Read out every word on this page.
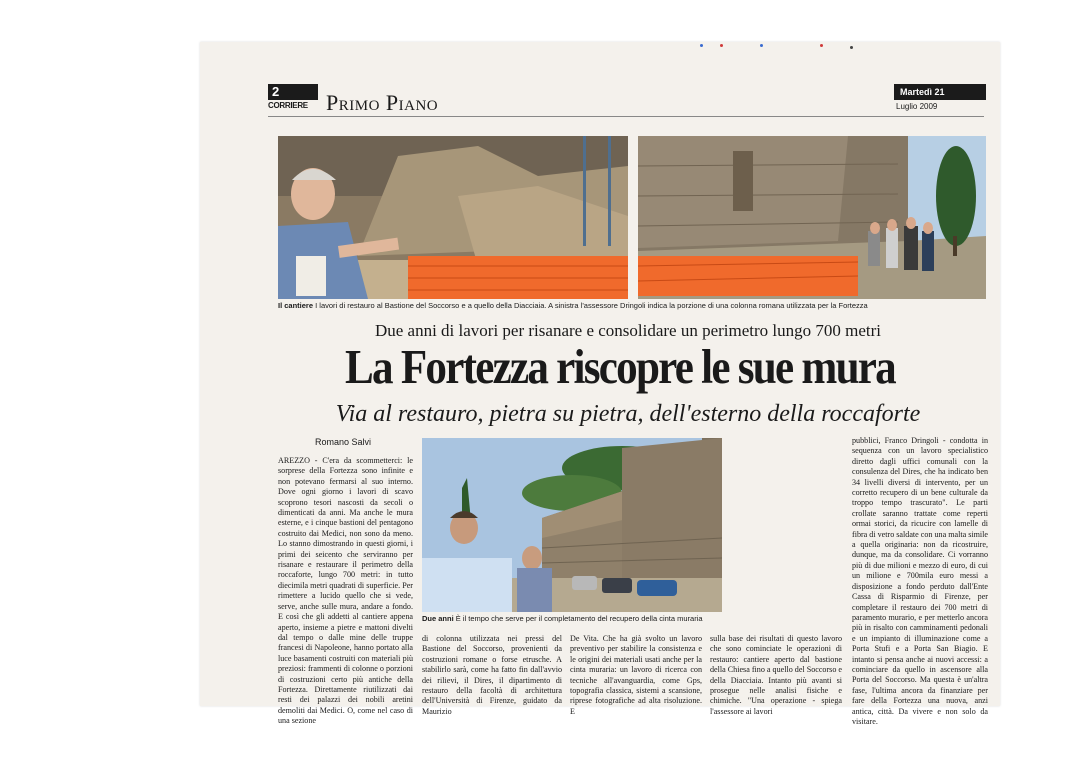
2
CORRIERE Primo Piano	Martedì 21
Luglio 2009
Il cantiere I lavori di restauro al Bastione del Soccorso e a quello della Diacciaia. A sinistra l'assessore Dringoli indica la porzione di una colonna romana utilizzata per la Fortezza
Due anni di lavori per risanare e consolidare un perimetro lungo 700 metri
La Fortezza riscopre le sue mura
Via al restauro, pietra su pietra, dell'esterno della roccaforte
Romano Salvi
Due anni È il tempo che serve per il completamento del recupero della cinta muraria
AREZZO - C'era da scommetterci: le sorprese della Fortezza sono infinite e non potevano fermarsi al suo interno. Dove ogni giorno i lavori di scavo scoprono tesori nascosti da secoli o dimenticati da anni. Ma anche le mura esterne, e i cinque bastioni del pentagono costruito dai Medici, non sono da meno. Lo stanno dimostrando in questi giorni, i primi dei seicento che serviranno per risanare e restaurare il perimetro della roccaforte, lungo 700 metri: in tutto diecimila metri quadrati di superficie. Per rimettere a lucido quello che si vede, serve, anche sulle mura, andare a fondo. E così che gli addetti al cantiere appena aperto, insieme a pietre e mattoni divelti dal tempo o dalle mine delle truppe francesi di Napoleone, hanno portato alla luce basamenti costruiti con materiali più preziosi: frammenti di colonne o porzioni di costruzioni certo più antiche della Fortezza. Direttamente riutilizzati dai resti dei palazzi dei nobili aretini demoliti dai Medici. O, come nel caso di una sezione
di colonna utilizzata nei pressi del Bastione del Soccorso, provenienti da costruzioni romane o forse etrusche. A stabilirlo sarà, come ha fatto fin dall'avvio dei rilievi, il Dires, il dipartimento di restauro della facoltà di architettura dell'Università di Firenze, guidato da Maurizio
De Vita. Che ha già svolto un lavoro preventivo per stabilire la consistenza e le origini dei materiali usati anche per la cinta muraria: un lavoro di ricerca con tecniche all'avanguardia, come Gps, topografia classica, sistemi a scansione, riprese fotografiche ad alta risoluzione. E
sulla base dei risultati di questo lavoro che sono cominciate le operazioni di restauro: cantiere aperto dal bastione della Chiesa fino a quello del Soccorso e della Diacciaia. Intanto più avanti si prosegue nelle analisi fisiche e chimiche. "Una operazione - spiega l'assessore ai lavori
pubblici, Franco Dringoli - condotta in sequenza con un lavoro specialistico diretto dagli uffici comunali con la consulenza del Dires, che ha indicato ben 34 livelli diversi di intervento, per un corretto recupero di un bene culturale da troppo tempo trascurato". Le parti crollate saranno trattate come reperti ormai storici, da ricucire con lamelle di fibra di vetro saldate con una malta simile a quella originaria: non da ricostruire, dunque, ma da consolidare. Ci vorranno più di due milioni e mezzo di euro, di cui un milione e 700mila euro messi a disposizione a fondo perduto dall'Ente Cassa di Risparmio di Firenze, per completare il restauro dei 700 metri di paramento murario, e per metterlo ancora più in risalto con camminamenti pedonali e un impianto di illuminazione come a Porta Stufi e a Porta San Biagio. E intanto si pensa anche ai nuovi accessi: a cominciare da quello in ascensore alla Porta del Soccorso. Ma questa è un'altra fase, l'ultima ancora da finanziare per fare della Fortezza una nuova, anzi antica, città. Da vivere e non solo da visitare.
